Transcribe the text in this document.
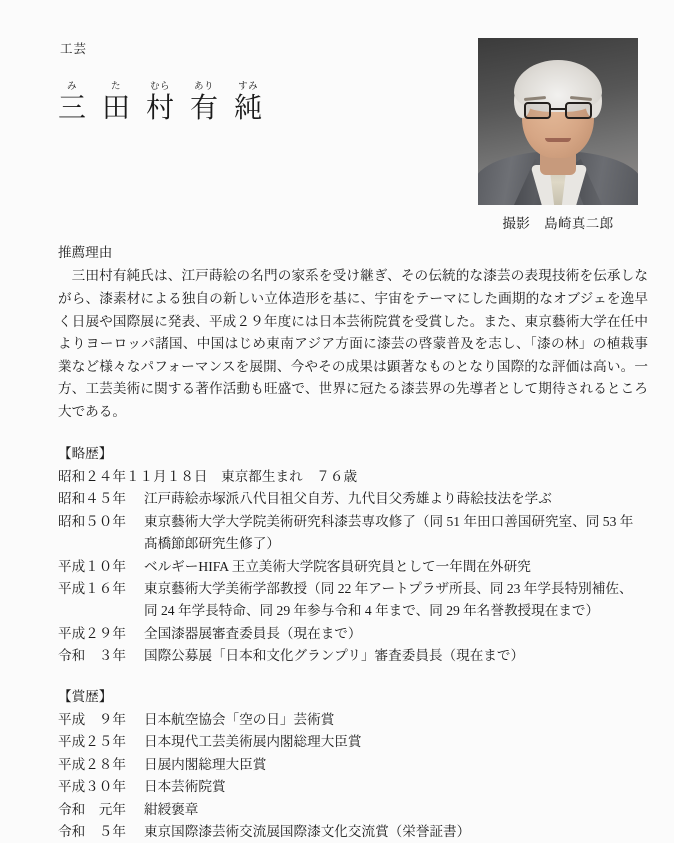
工芸
み
三
た
田
むら
村
あり
有
すみ
純
撮影　島崎真二郎
推薦理由

三田村有純氏は、江戸蒔絵の名門の家系を受け継ぎ、その伝統的な漆芸の表現技術を伝承しながら、漆素材による独自の新しい立体造形を基に、宇宙をテーマにした画期的なオブジェを逸早く日展や国際展に発表、平成２９年度には日本芸術院賞を受賞した。また、東京藝術大学在任中よりヨーロッパ諸国、中国はじめ東南アジア方面に漆芸の啓蒙普及を志し、「漆の林」の植栽事業など様々なパフォーマンスを展開、今やその成果は顕著なものとなり国際的な評価は高い。一方、工芸美術に関する著作活動も旺盛で、世界に冠たる漆芸界の先導者として期待されるところ大である。

【略歴】
昭和２４年１１月１８日　東京都生まれ　７６歳
昭和４５年	江戸蒔絵赤塚派八代目祖父自芳、九代目父秀雄より蒔絵技法を学ぶ
昭和５０年	東京藝術大学大学院美術研究科漆芸専攻修了（同 51 年田口善国研究室、同 53 年
髙橋節郎研究生修了）
平成１０年	ベルギーHIFA 王立美術大学院客員研究員として一年間在外研究
平成１６年	東京藝術大学美術学部教授（同 22 年アートプラザ所長、同 23 年学長特別補佐、
同 24 年学長特命、同 29 年参与令和 4 年まで、同 29 年名誉教授現在まで）
平成２９年	全国漆器展審査委員長（現在まで）
令和　３年	国際公募展「日本和文化グランプリ」審査委員長（現在まで）
【賞歴】
平成　９年	日本航空協会「空の日」芸術賞
平成２５年	日本現代工芸美術展内閣総理大臣賞
平成２８年	日展内閣総理大臣賞
平成３０年	日本芸術院賞
令和　元年	紺綬褒章
令和　５年	東京国際漆芸術交流展国際漆文化交流賞（栄誉証書）
